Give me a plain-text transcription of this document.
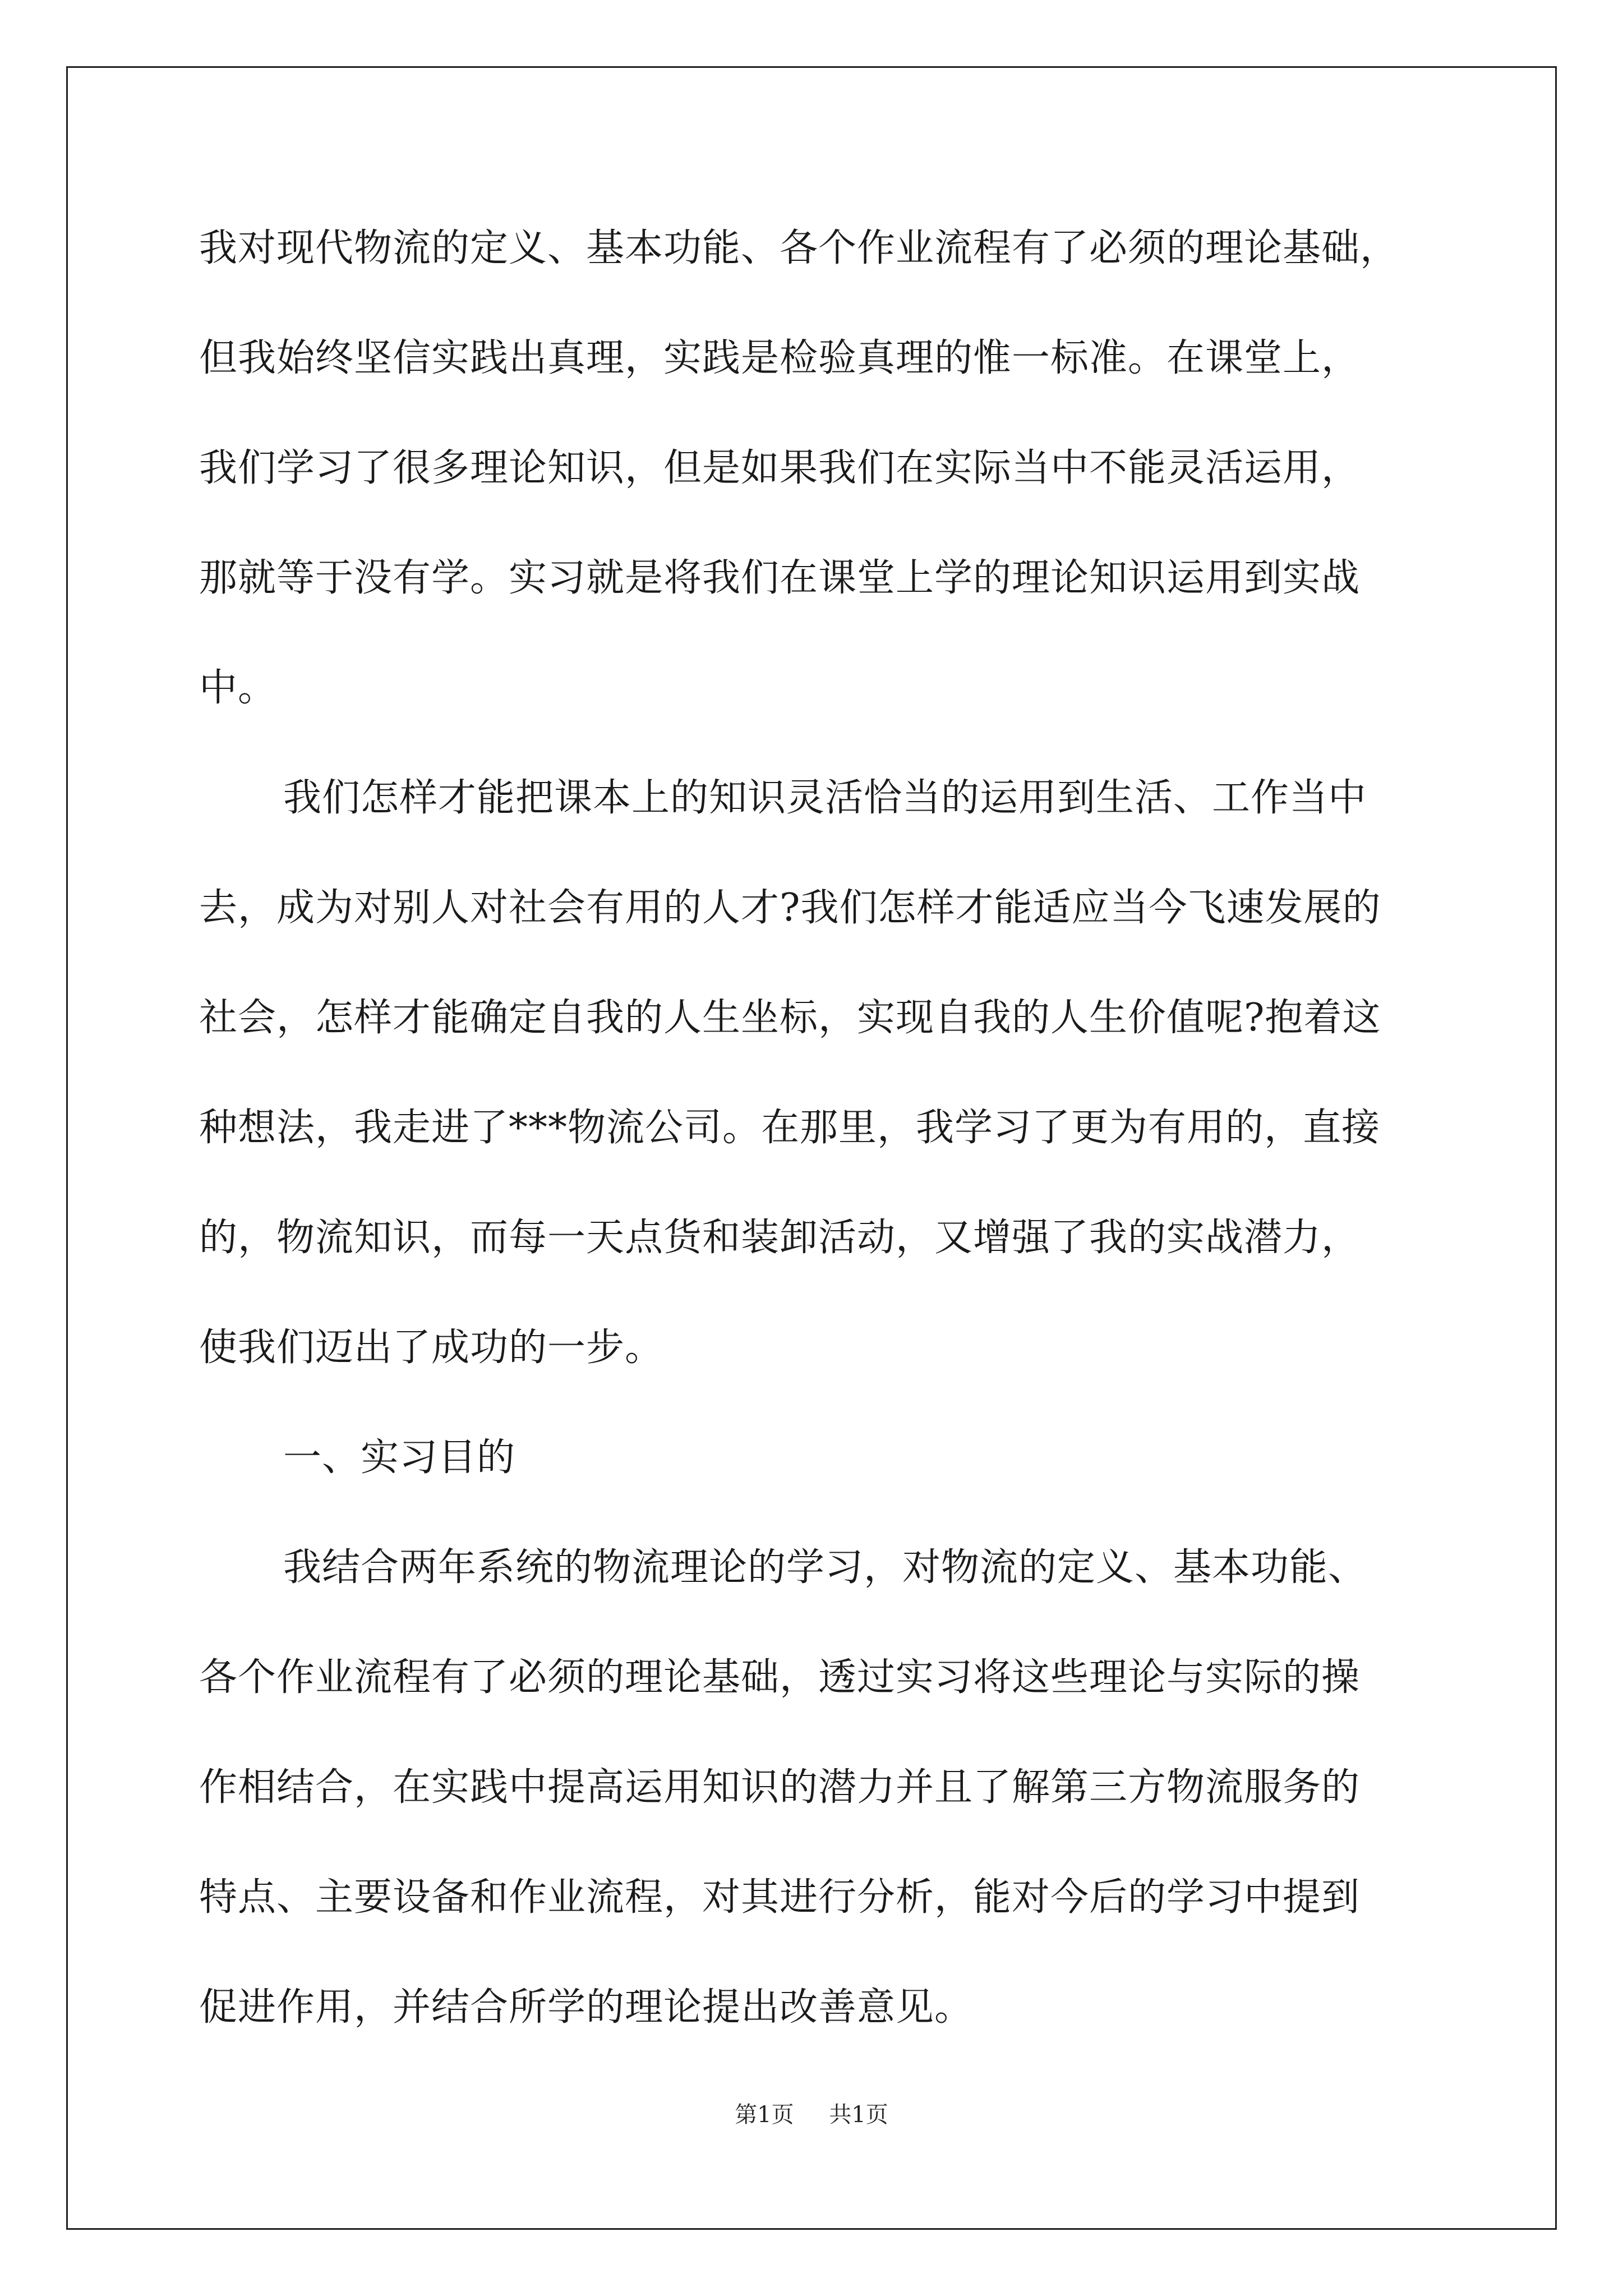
我对现代物流的定义、基本功能、各个作业流程有了必须的理论基础，
但我始终坚信实践出真理，实践是检验真理的惟一标准。在课堂上，
我们学习了很多理论知识，但是如果我们在实际当中不能灵活运用，
那就等于没有学。实习就是将我们在课堂上学的理论知识运用到实战
中。
我们怎样才能把课本上的知识灵活恰当的运用到生活、工作当中
去，成为对别人对社会有用的人才?我们怎样才能适应当今飞速发展的
社会，怎样才能确定自我的人生坐标，实现自我的人生价值呢?抱着这
种想法，我走进了***物流公司。在那里，我学习了更为有用的，直接
的，物流知识，而每一天点货和装卸活动，又增强了我的实战潜力，
使我们迈出了成功的一步。
一、实习目的
我结合两年系统的物流理论的学习，对物流的定义、基本功能、
各个作业流程有了必须的理论基础，透过实习将这些理论与实际的操
作相结合，在实践中提高运用知识的潜力并且了解第三方物流服务的
特点、主要设备和作业流程，对其进行分析，能对今后的学习中提到
促进作用，并结合所学的理论提出改善意见。
第1页 共1页
